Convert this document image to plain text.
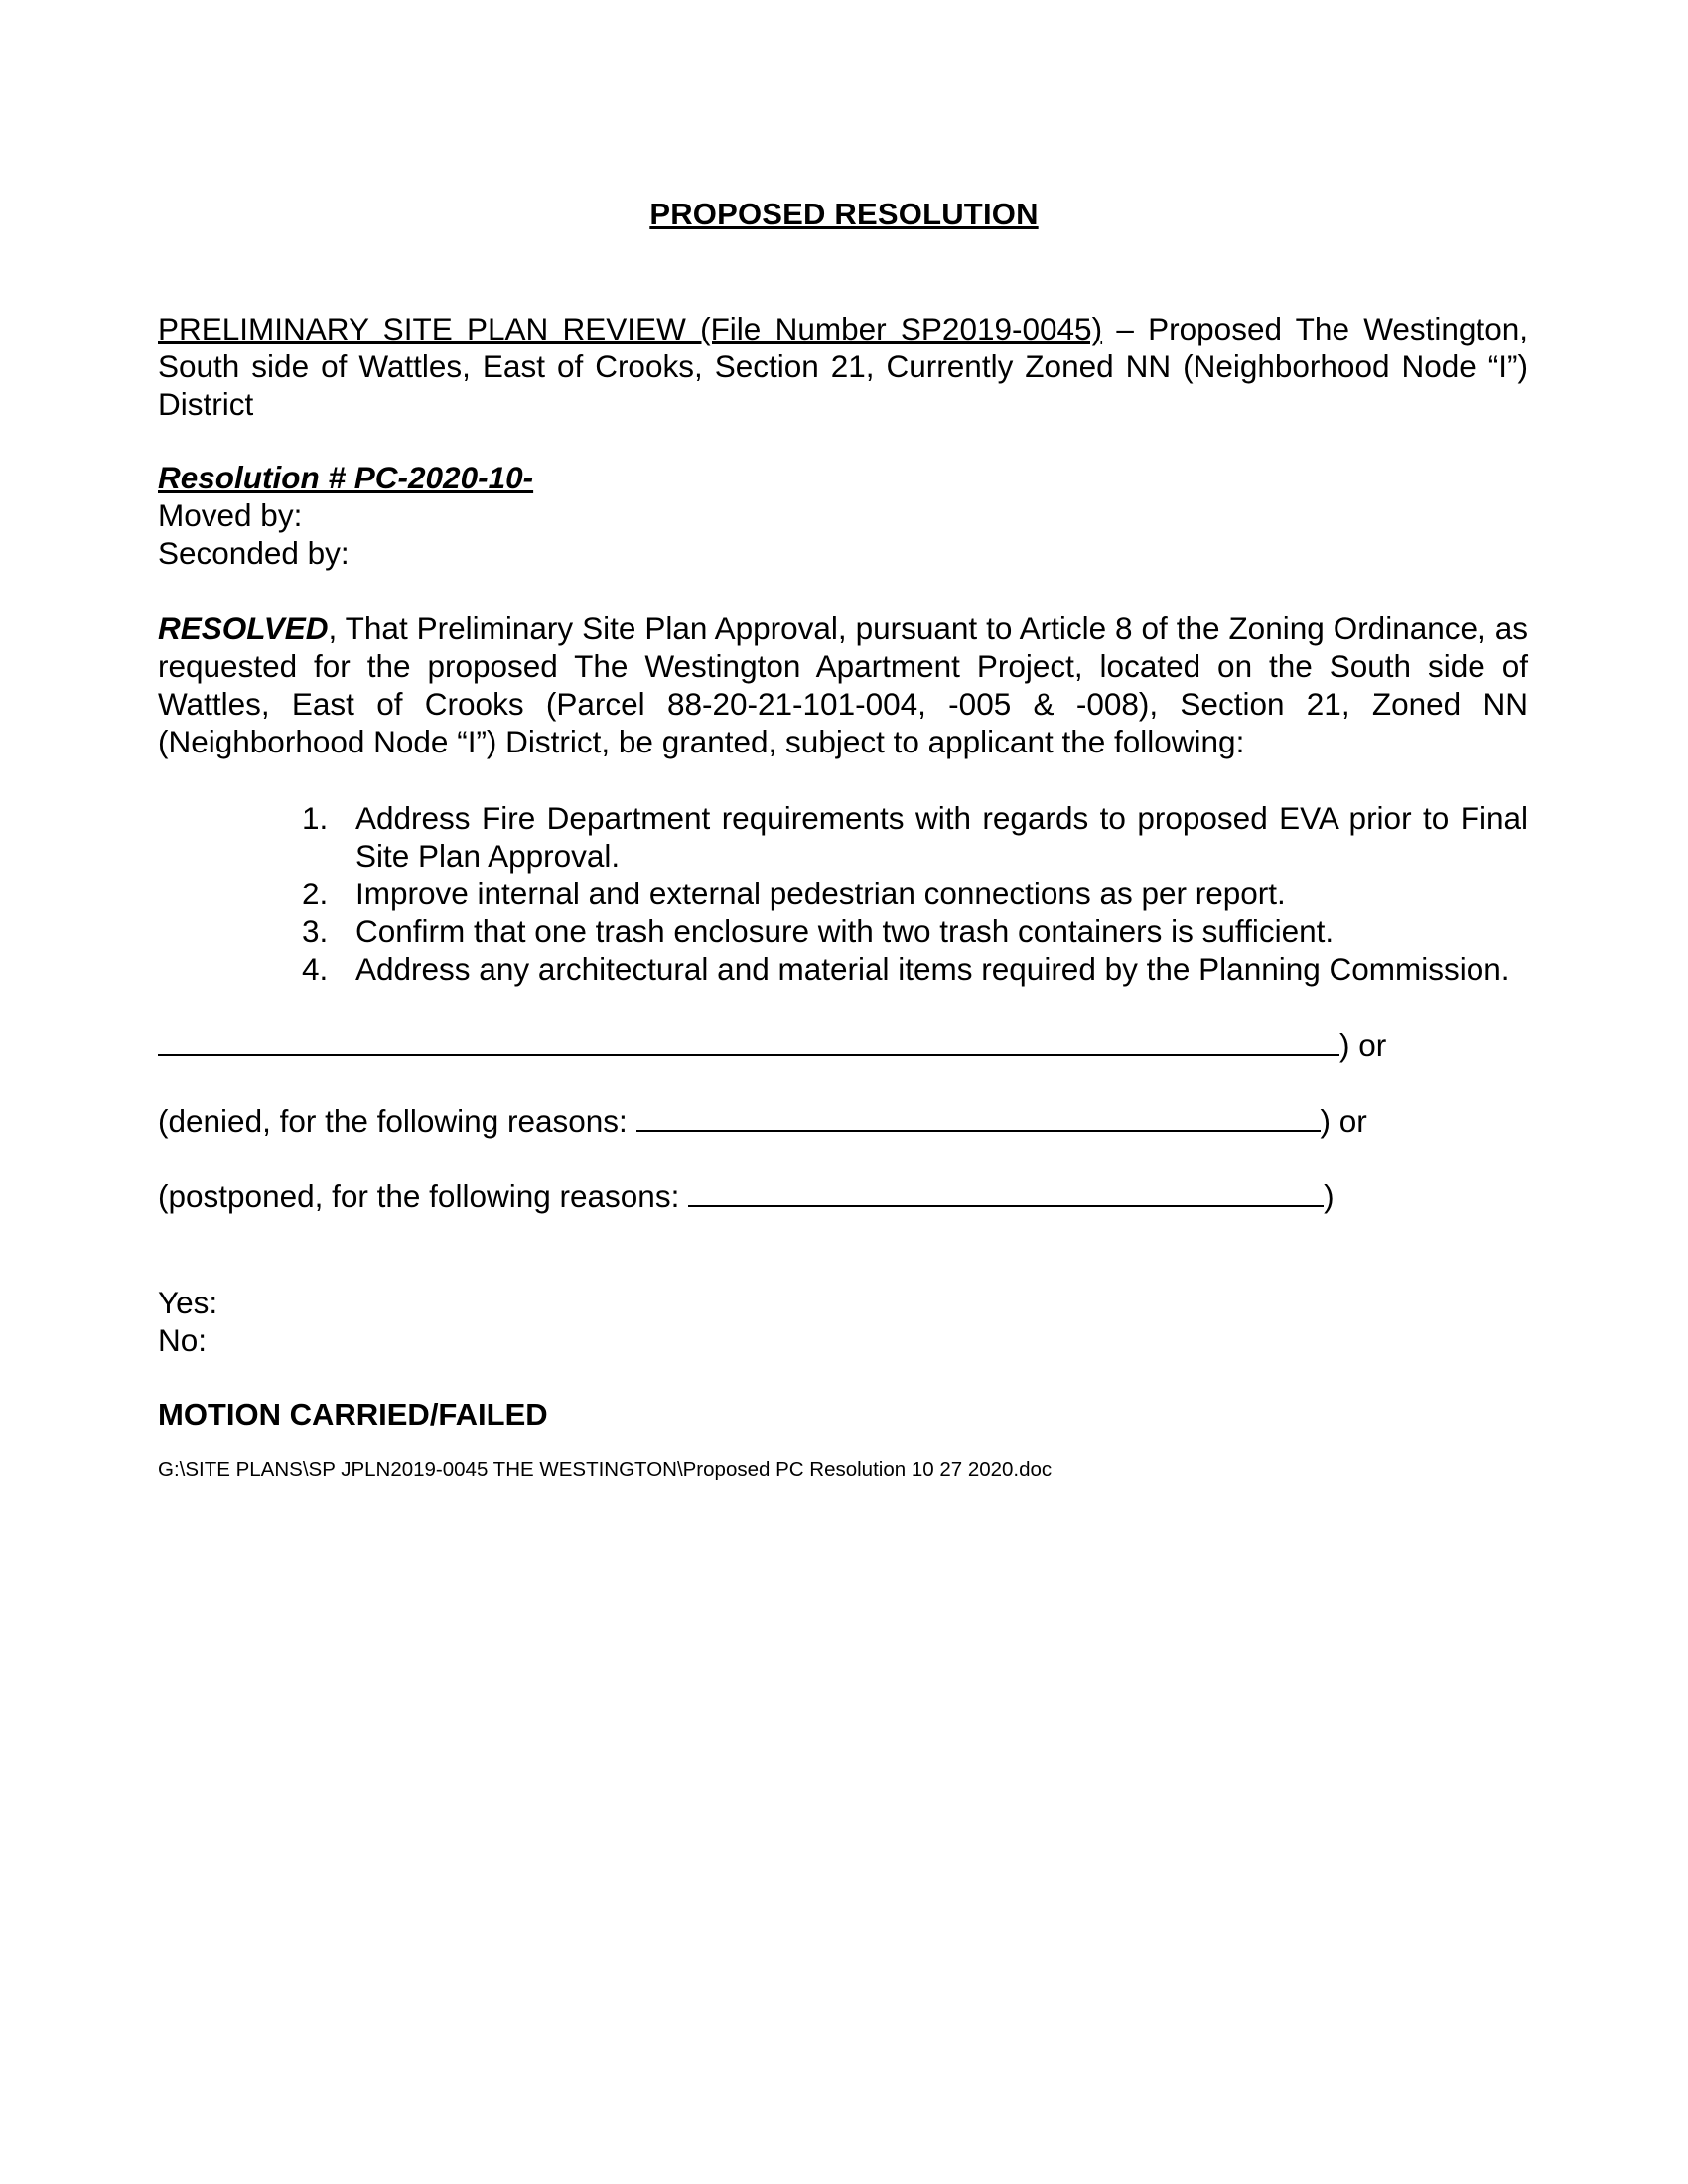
PROPOSED RESOLUTION
PRELIMINARY SITE PLAN REVIEW (File Number SP2019-0045) – Proposed The Westington, South side of Wattles, East of Crooks, Section 21, Currently Zoned NN (Neighborhood Node “I”) District
Resolution # PC-2020-10-
Moved by:
Seconded by:
RESOLVED, That Preliminary Site Plan Approval, pursuant to Article 8 of the Zoning Ordinance, as requested for the proposed The Westington Apartment Project, located on the South side of Wattles, East of Crooks (Parcel 88-20-21-101-004, -005 & -008), Section 21, Zoned NN (Neighborhood Node “I”) District, be granted, subject to applicant the following:
1. Address Fire Department requirements with regards to proposed EVA prior to Final Site Plan Approval.
2. Improve internal and external pedestrian connections as per report.
3. Confirm that one trash enclosure with two trash containers is sufficient.
4. Address any architectural and material items required by the Planning Commission.
) or
(denied, for the following reasons:	) or
(postponed, for the following reasons:	)
Yes:
No:
MOTION CARRIED/FAILED
G:\SITE PLANS\SP JPLN2019-0045 THE WESTINGTON\Proposed PC Resolution 10 27 2020.doc
